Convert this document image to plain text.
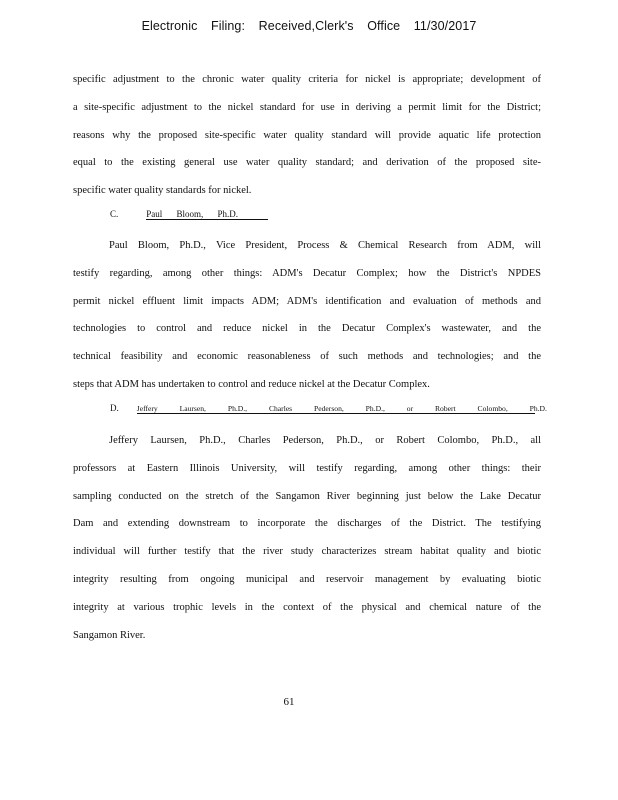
Electronic Filing: Received,Clerk's Office 11/30/2017
specific adjustment to the chronic water quality criteria for nickel is appropriate; development of
a site-specific adjustment to the nickel standard for use in deriving a permit limit for the District;
reasons why the proposed site-specific water quality standard will provide aquatic life protection
equal to the existing general use water quality standard; and derivation of the proposed site-
specific water quality standards for nickel.
C.	Paul Bloom, Ph.D.
Paul Bloom, Ph.D., Vice President, Process & Chemical Research from ADM, will
testify regarding, among other things: ADM's Decatur Complex; how the District's NPDES
permit nickel effluent limit impacts ADM; ADM's identification and evaluation of methods and
technologies to control and reduce nickel in the Decatur Complex's wastewater, and the
technical feasibility and economic reasonableness of such methods and technologies; and the
steps that ADM has undertaken to control and reduce nickel at the Decatur Complex.
D. Jeffery Laursen, Ph.D., Charles Pederson, Ph.D., or Robert Colombo, Ph.D.
Jeffery Laursen, Ph.D., Charles Pederson, Ph.D., or Robert Colombo, Ph.D., all
professors at Eastern Illinois University, will testify regarding, among other things: their
sampling conducted on the stretch of the Sangamon River beginning just below the Lake Decatur
Dam and extending downstream to incorporate the discharges of the District. The testifying
individual will further testify that the river study characterizes stream habitat quality and biotic
integrity resulting from ongoing municipal and reservoir management by evaluating biotic
integrity at various trophic levels in the context of the physical and chemical nature of the
Sangamon River.
61
